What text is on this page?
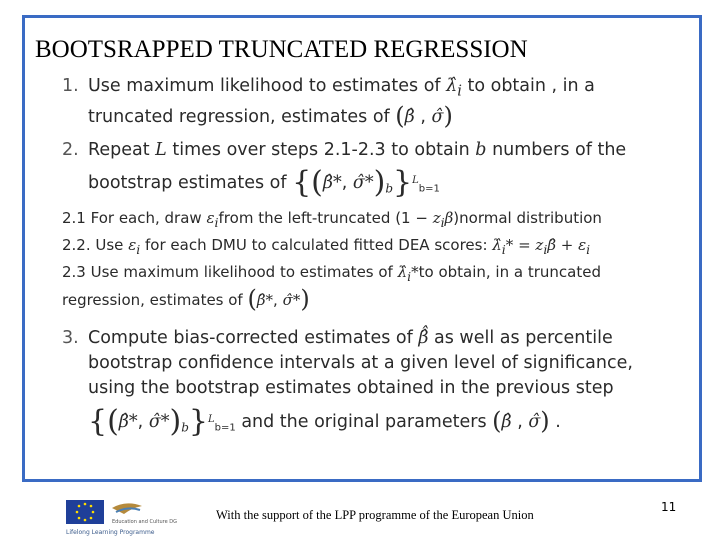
BOOTSRAPPED TRUNCATED REGRESSION
1. Use maximum likelihood to estimates of $\lambdâ_i$ to obtain , in a
truncated regression, estimates of (β̂ , σ̂)
2. Repeat L times over steps 2.1-2.3 to obtain b numbers of the
bootstrap estimates of {(β̂*, $\sigmâ*)_b\}^L_{b=1}$
2.1 For each, draw $\varepsilon_ifrom$ the left-truncated $(1 - z_i\beta)normal$ distribution
2.2. Use $\varepsilon_i$ for each DMU to calculated fitted DEA scores: $\lambdâ_i*$ = $z_i\betâ + \varepsilon_i$
2.3 Use maximum likelihood to estimates of $\lambdâ_i*to$ obtain, in a truncated
regression, estimates of (β̂*, σ̂*)
3. Compute bias-corrected estimates of β̂̂ as well as percentile
bootstrap confidence intervals at a given level of significance,
using the bootstrap estimates obtained in the previous step
{(β̂*, $\sigmâ*)_b\}^L_{b=1}$ and the original parameters (β̂ , σ̂) .
Education and Culture DG
Lifelong Learning Programme
With the support of the LPP programme of the European Union
11
